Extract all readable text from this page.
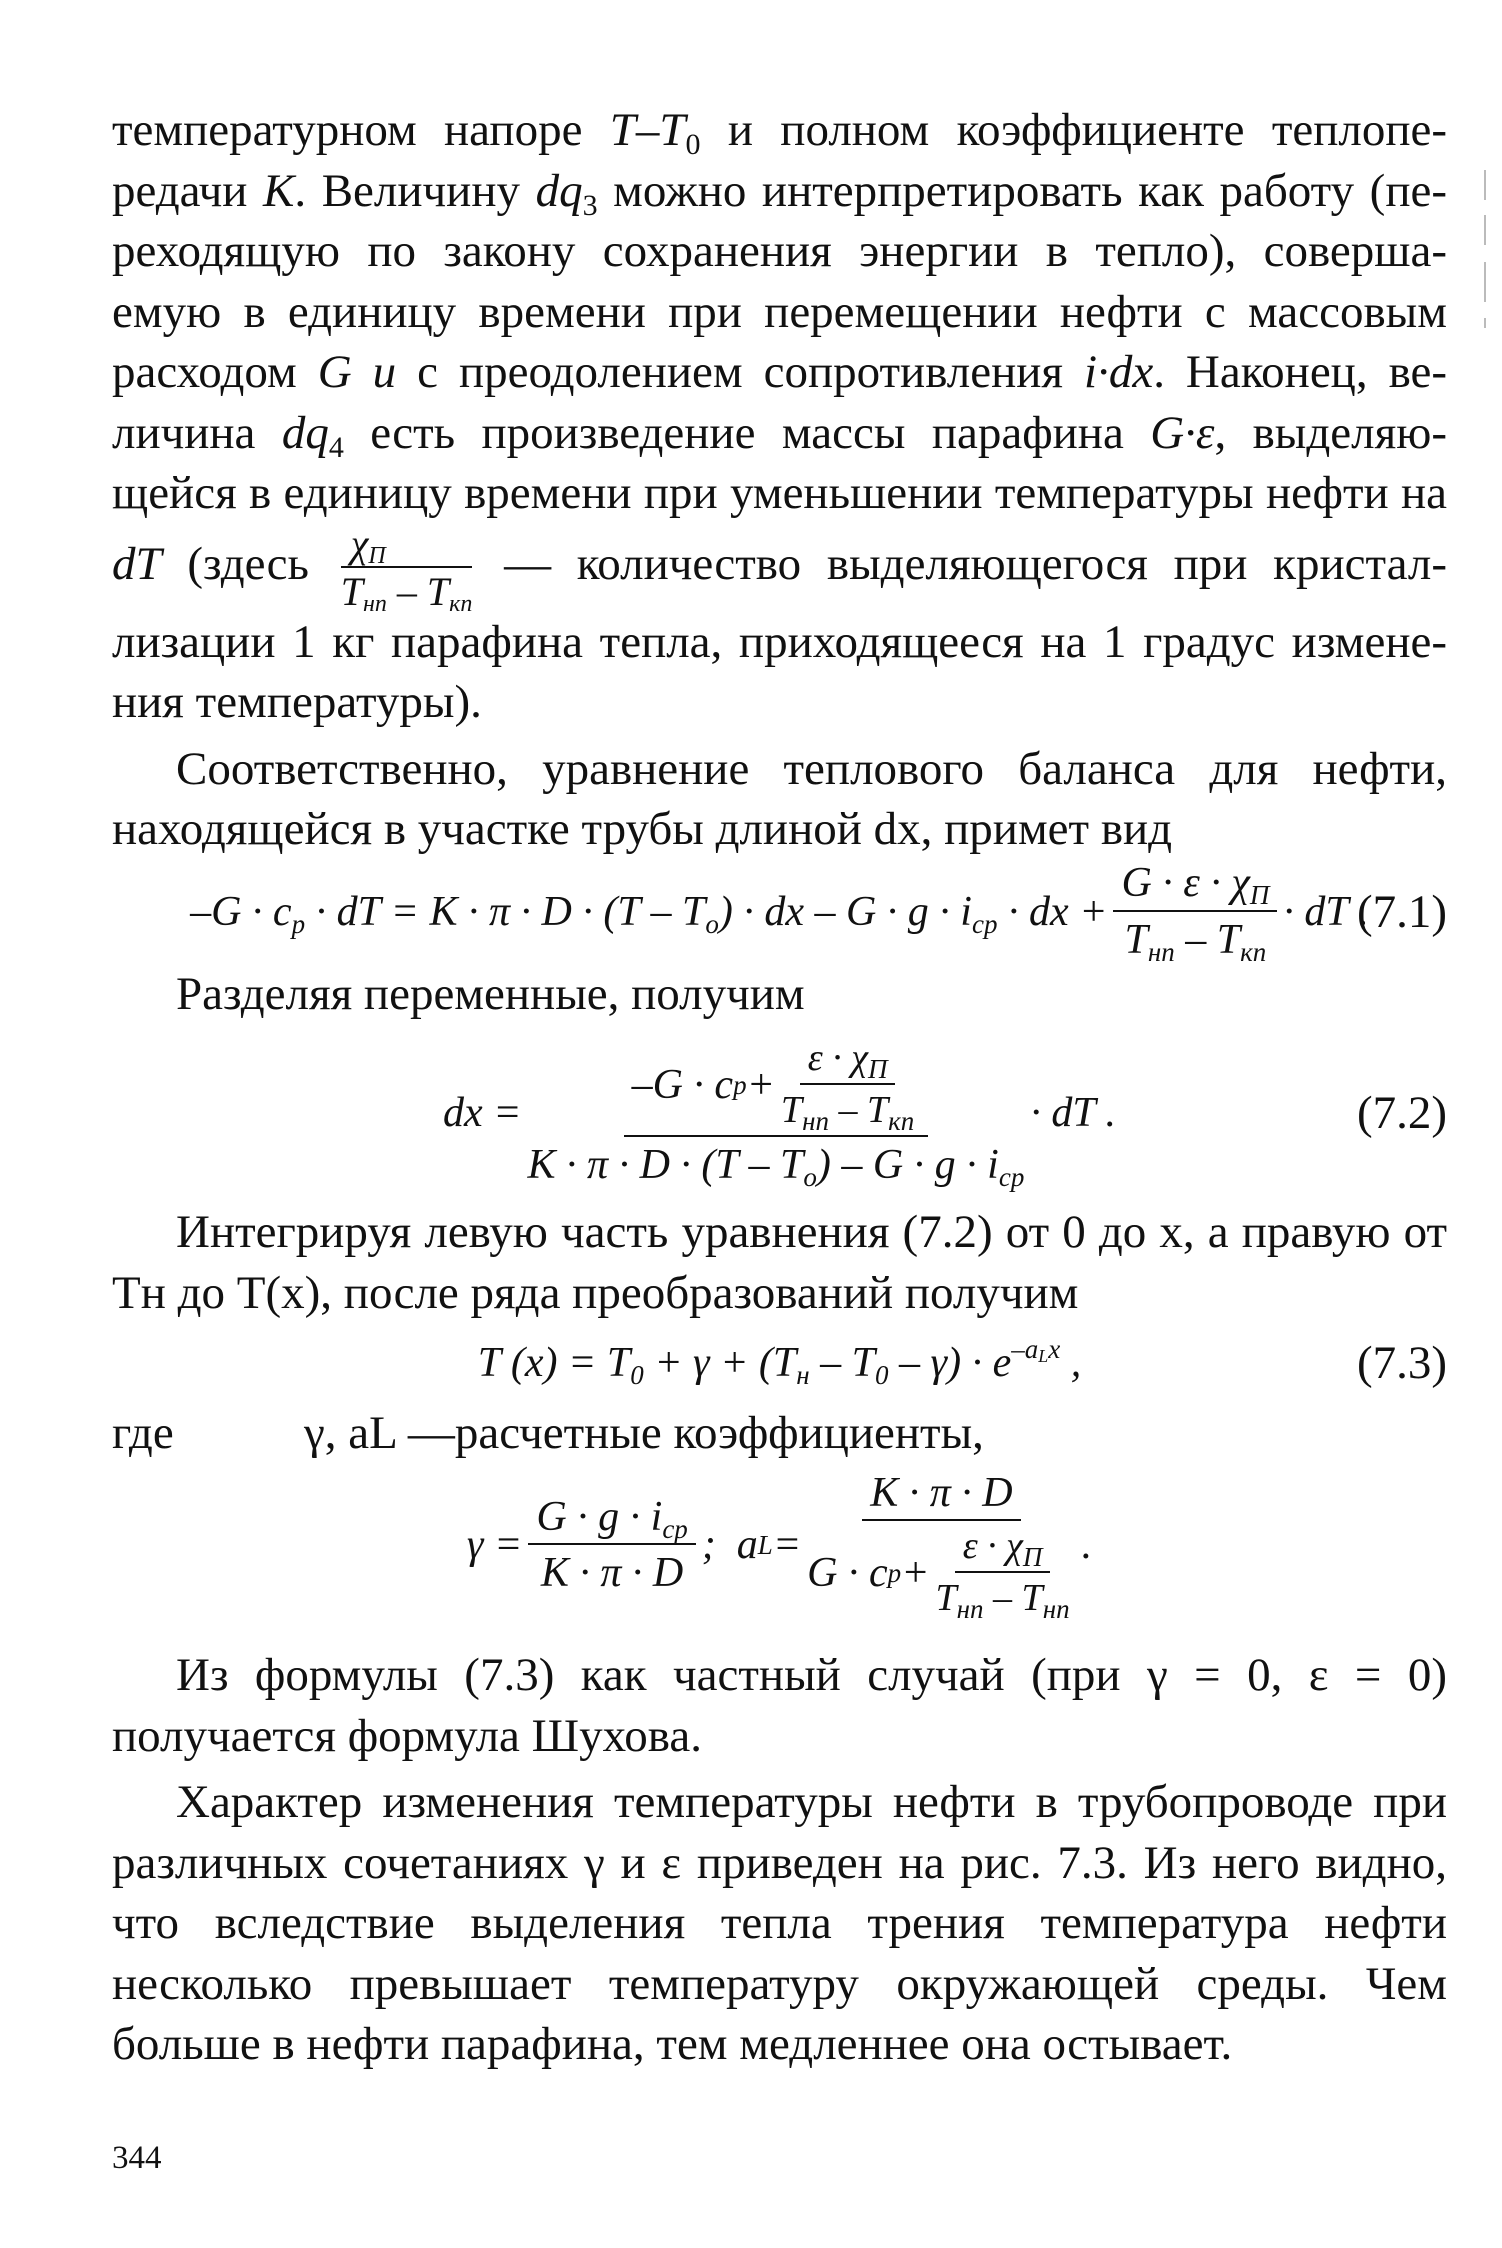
температурном напоре $T-T_0$ и полном коэффициенте теплопе- редачи K. Величину $dq_3$ можно интерпретировать как работу (пе- реходящую по закону сохранения энергии в тепло), соверша- емую в единицу времени при перемещении нефти с массовым расходом G u с преодолением сопротивления i·dx. Наконец, ве- личина $dq_4$ есть произведение массы парафина G·ε, выделяю- щейся в единицу времени при уменьшении температуры нефти на dT (здесь $\frac{\chi_П}{T_{нп} - T_{кп}}$ — количество выделяющегося при кристал- лизации 1 кг парафина тепла, приходящееся на 1 градус измене- ния температуры).

Соответственно, уравнение теплового баланса для нефти, находящейся в участке трубы длиной dx, примет вид

$-G \cdot c_p$ · dT = $K \cdot \pi \cdot D \cdot (T - T_o)$ · dx – $G \cdot g \cdot i_{ср}$ · dx +
$G \cdot \varepsilon \cdot \chi_П$
$T_{нп} - T_{кп}$
· dT .
(7.1)

Разделяя переменные, получим

dx =
–G · c p +
$\varepsilon \cdot \chi_П$
$T_{нп} - T_{кп}$
$K \cdot \pi \cdot D \cdot (T - T_o) - G \cdot g \cdot i_{ср}$
· dT .	(7.2)

Интегрируя левую часть уравнения (7.2) от 0 до x, а правую от Tн до T(x), после ряда преобразований получим

T $(x) = T_0 + \gamma + (T_н - T_0 - \gamma) \cdot e^{-a_Lx}$ ,	(7.3)
где	γ, aL —расчетные коэффициенты,
γ =
$G \cdot g \cdot i_{ср}$
K · π · D
;  a L =
K · π · D
G · c p +
$\varepsilon \cdot \chi_П$
$T_{нп} - T_{нп}$
.

Из формулы (7.3) как частный случай (при γ = 0, ε = 0) получается формула Шухова.

Характер изменения температуры нефти в трубопроводе при различных сочетаниях γ и ε приведен на рис. 7.3. Из него видно, что вследствие выделения тепла трения температура нефти несколько превышает температуру окружающей среды. Чем больше в нефти парафина, тем медленнее она остывает.

344
